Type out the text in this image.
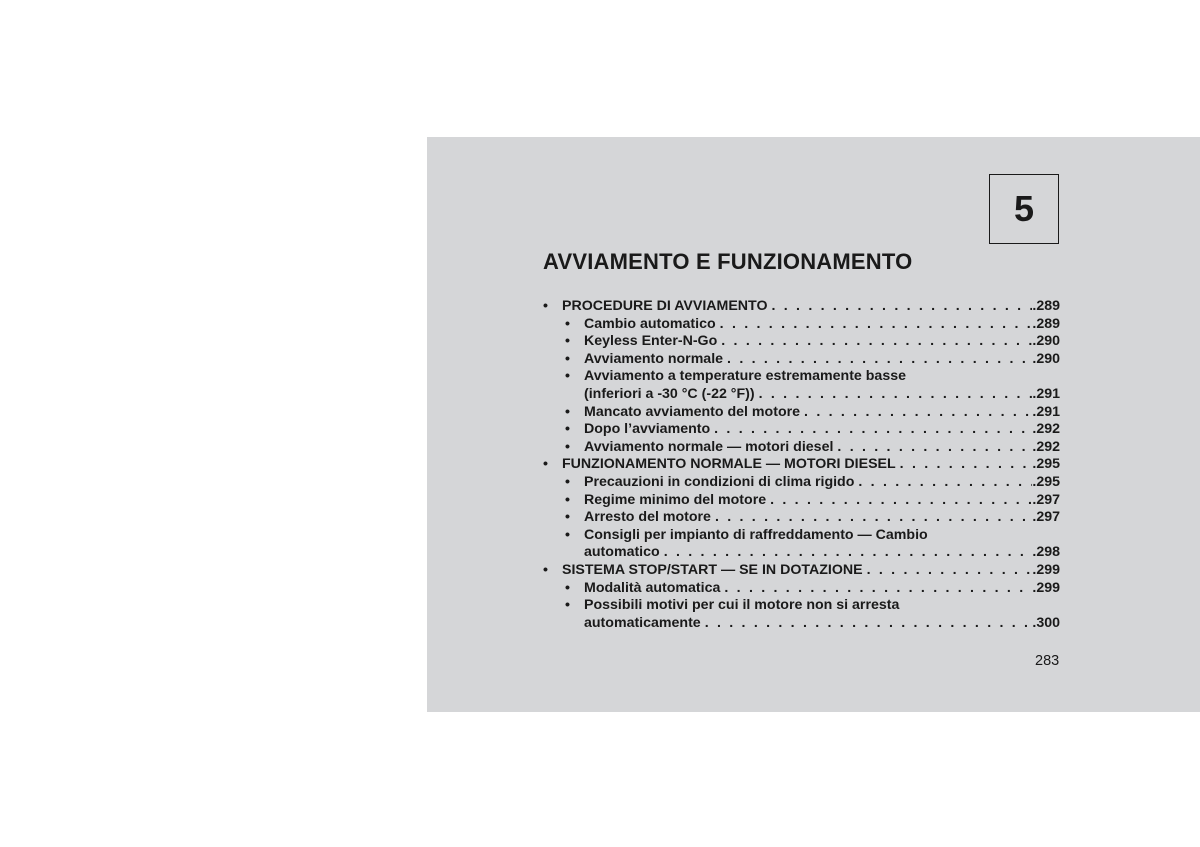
5
AVVIAMENTO E FUNZIONAMENTO
• PROCEDURE DI AVVIAMENTO . . .	.289
• Cambio automatico . . .	.289
• Keyless Enter-N-Go . . .	.290
• Avviamento normale . . .	.290
• Avviamento a temperature estremamente basse
(inferiori a -30 °C (-22 °F)) . . .	.291
• Mancato avviamento del motore . . .	.291
• Dopo l’avviamento . . .	.292
• Avviamento normale — motori diesel . . .	.292
• FUNZIONAMENTO NORMALE — MOTORI DIESEL . . .	.295
• Precauzioni in condizioni di clima rigido . . .	.295
• Regime minimo del motore . . .	.297
• Arresto del motore . . .	.297
• Consigli per impianto di raffreddamento — Cambio
automatico . . .	.298
• SISTEMA STOP/START — SE IN DOTAZIONE . . .	.299
• Modalità automatica . . .	.299
• Possibili motivi per cui il motore non si arresta
automaticamente . . .	.300
283
